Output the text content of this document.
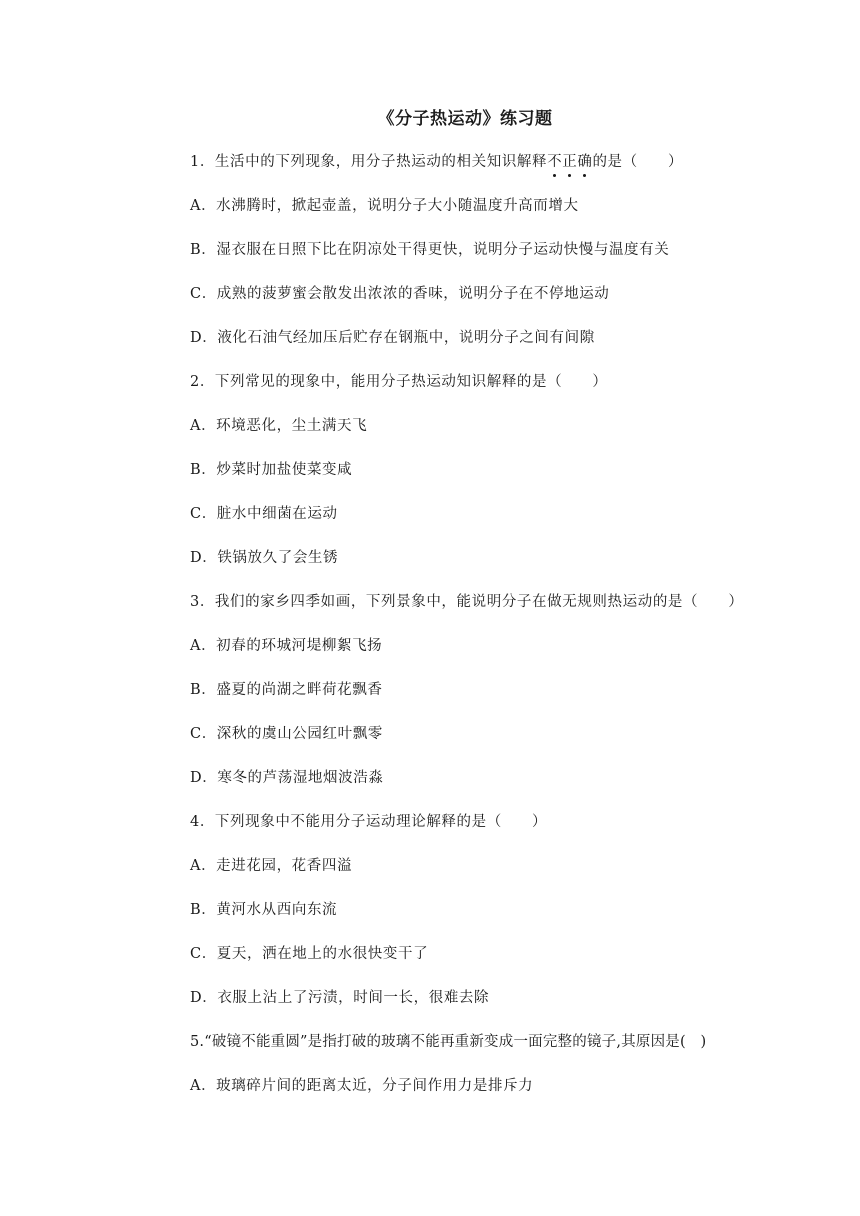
《分子热运动》练习题
1．生活中的下列现象，用分子热运动的相关知识解释不正确的是（　　）
A．水沸腾时，掀起壶盖，说明分子大小随温度升高而增大
B．湿衣服在日照下比在阴凉处干得更快，说明分子运动快慢与温度有关
C．成熟的菠萝蜜会散发出浓浓的香味，说明分子在不停地运动
D．液化石油气经加压后贮存在钢瓶中，说明分子之间有间隙
2．下列常见的现象中，能用分子热运动知识解释的是（　　）
A．环境恶化，尘土满天飞
B．炒菜时加盐使菜变咸
C．脏水中细菌在运动
D．铁锅放久了会生锈
3．我们的家乡四季如画，下列景象中，能说明分子在做无规则热运动的是（　　）
A．初春的环城河堤柳絮飞扬
B．盛夏的尚湖之畔荷花飘香
C．深秋的虞山公园红叶飘零
D．寒冬的芦荡湿地烟波浩淼
4．下列现象中不能用分子运动理论解释的是（　　）
A．走进花园，花香四溢
B．黄河水从西向东流
C．夏天，洒在地上的水很快变干了
D．衣服上沾上了污渍，时间一长，很难去除
5.“破镜不能重圆”是指打破的玻璃不能再重新变成一面完整的镜子,其原因是(　)
A．玻璃碎片间的距离太近，分子间作用力是排斥力
